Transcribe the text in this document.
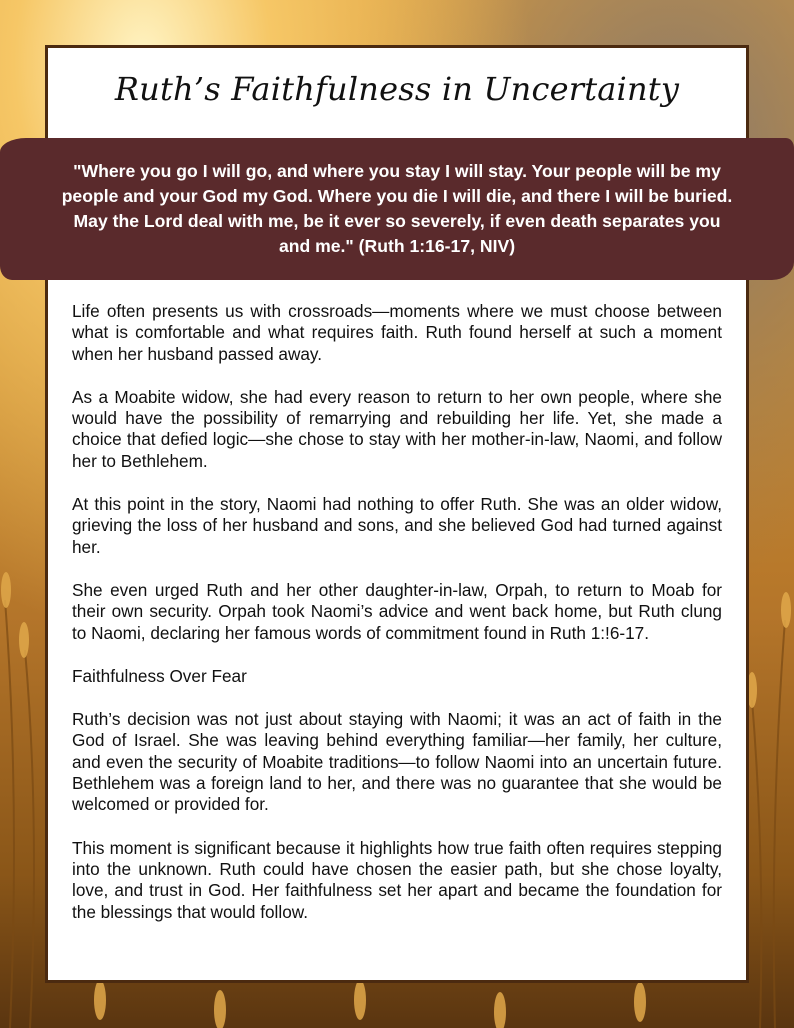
Ruth’s Faithfulness in Uncertainty

"Where you go I will go, and where you stay I will stay. Your people will be my people and your God my God. Where you die I will die, and there I will be buried. May the Lord deal with me, be it ever so severely, if even death separates you and me." (Ruth 1:16-17, NIV)

Life often presents us with crossroads—moments where we must choose between what is comfortable and what requires faith. Ruth found herself at such a moment when her husband passed away.

As a Moabite widow, she had every reason to return to her own people, where she would have the possibility of remarrying and rebuilding her life. Yet, she made a choice that defied logic—she chose to stay with her mother-in-law, Naomi, and follow her to Bethlehem.

At this point in the story, Naomi had nothing to offer Ruth. She was an older widow, grieving the loss of her husband and sons, and she believed God had turned against her.

She even urged Ruth and her other daughter-in-law, Orpah, to return to Moab for their own security. Orpah took Naomi’s advice and went back home, but Ruth clung to Naomi, declaring her famous words of commitment found in Ruth 1:!6-17.

Faithfulness Over Fear

Ruth’s decision was not just about staying with Naomi; it was an act of faith in the God of Israel. She was leaving behind everything familiar—her family, her culture, and even the security of Moabite traditions—to follow Naomi into an uncertain future. Bethlehem was a foreign land to her, and there was no guarantee that she would be welcomed or provided for.

This moment is significant because it highlights how true faith often requires stepping into the unknown. Ruth could have chosen the easier path, but she chose loyalty, love, and trust in God. Her faithfulness set her apart and became the foundation for the blessings that would follow.
